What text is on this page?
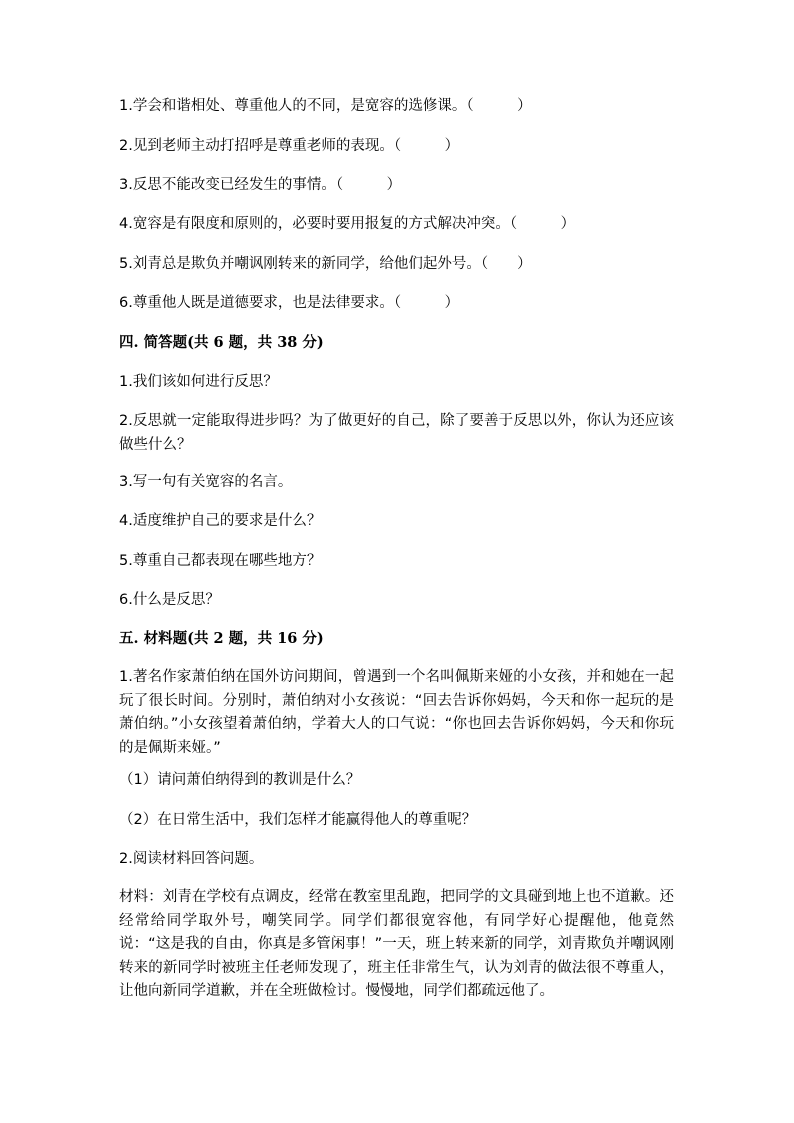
1.学会和谐相处、尊重他人的不同，是宽容的选修课。（　　　）
2.见到老师主动打招呼是尊重老师的表现。（　　　）
3.反思不能改变已经发生的事情。（　　　）
4.宽容是有限度和原则的，必要时要用报复的方式解决冲突。（　　　）
5.刘青总是欺负并嘲讽刚转来的新同学，给他们起外号。（　　）
6.尊重他人既是道德要求，也是法律要求。（　　　）
四. 简答题(共 6 题，共 38 分)
1.我们该如何进行反思？
2.反思就一定能取得进步吗？为了做更好的自己，除了要善于反思以外，你认为还应该做些什么？
3.写一句有关宽容的名言。
4.适度维护自己的要求是什么？
5.尊重自己都表现在哪些地方？
6.什么是反思？
五. 材料题(共 2 题，共 16 分)
1.著名作家萧伯纳在国外访问期间，曾遇到一个名叫佩斯来娅的小女孩，并和她在一起玩了很长时间。分别时，萧伯纳对小女孩说：“回去告诉你妈妈，今天和你一起玩的是萧伯纳。”小女孩望着萧伯纳，学着大人的口气说：“你也回去告诉你妈妈，今天和你玩的是佩斯来娅。”
（1）请问萧伯纳得到的教训是什么？
（2）在日常生活中，我们怎样才能赢得他人的尊重呢？
2.阅读材料回答问题。
材料：刘青在学校有点调皮，经常在教室里乱跑，把同学的文具碰到地上也不道歉。还经常给同学取外号，嘲笑同学。同学们都很宽容他，有同学好心提醒他，他竟然说：“这是我的自由，你真是多管闲事！”一天，班上转来新的同学，刘青欺负并嘲讽刚转来的新同学时被班主任老师发现了，班主任非常生气，认为刘青的做法很不尊重人，让他向新同学道歉，并在全班做检讨。慢慢地，同学们都疏远他了。
